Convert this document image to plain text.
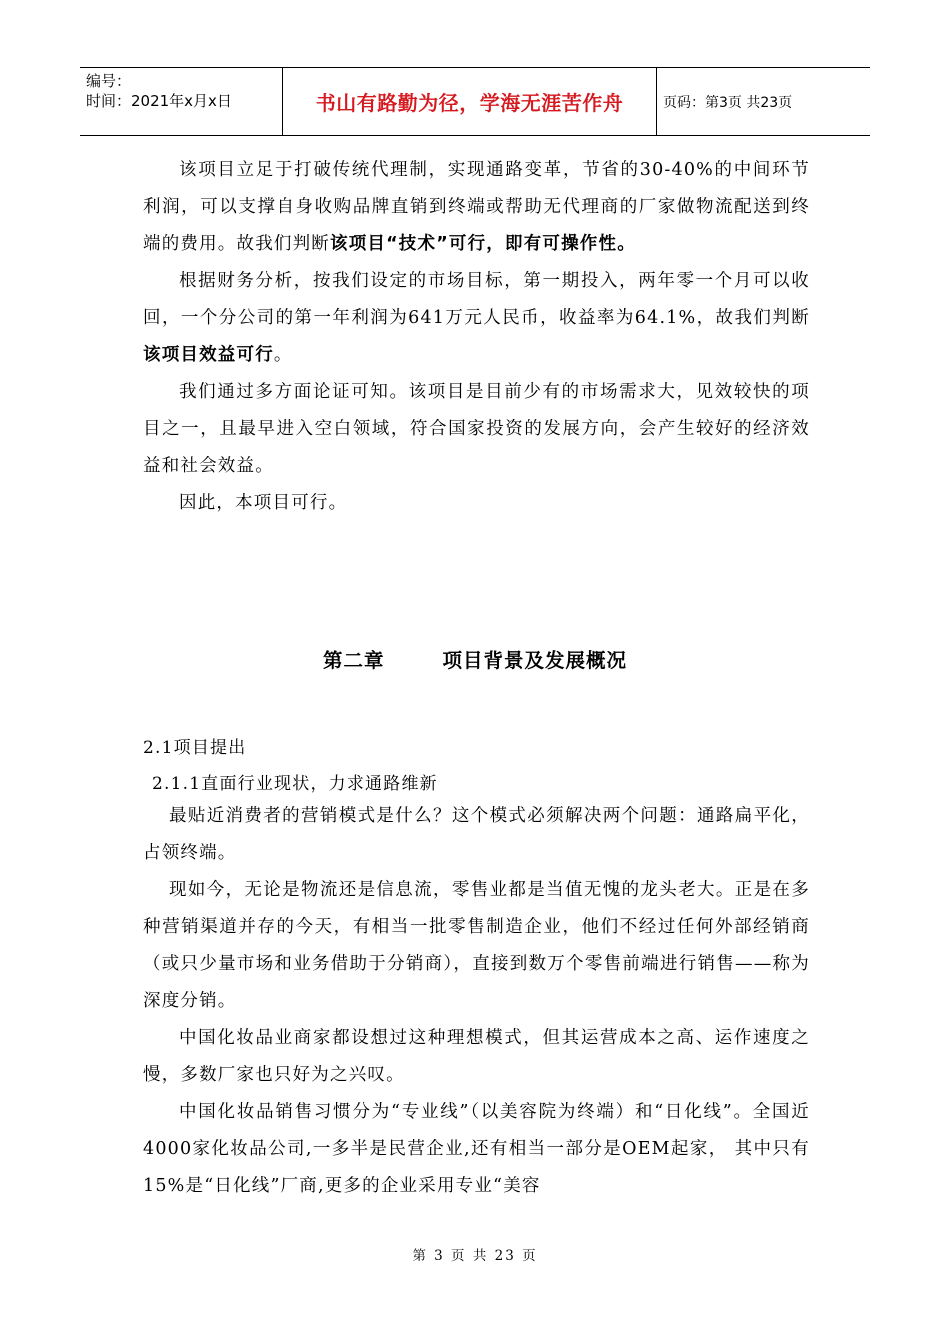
编号：
时间：2021年x月x日	书山有路勤为径，学海无涯苦作舟	页码：第3页 共23页

该项目立足于打破传统代理制，实现通路变革，节省的30-40%的中间环节利润，可以支撑自身收购品牌直销到终端或帮助无代理商的厂家做物流配送到终端的费用。故我们判断该项目“技术”可行，即有可操作性。

根据财务分析，按我们设定的市场目标，第一期投入，两年零一个月可以收回，一个分公司的第一年利润为641万元人民币，收益率为64.1%，故我们判断该项目效益可行。

我们通过多方面论证可知。该项目是目前少有的市场需求大，见效较快的项目之一，且最早进入空白领域，符合国家投资的发展方向，会产生较好的经济效益和社会效益。

因此，本项目可行。

第二章	项目背景及发展概况
2.1项目提出
2.1.1直面行业现状，力求通路维新

最贴近消费者的营销模式是什么？这个模式必须解决两个问题：通路扁平化，占领终端。

现如今，无论是物流还是信息流，零售业都是当值无愧的龙头老大。正是在多种营销渠道并存的今天，有相当一批零售制造企业，他们不经过任何外部经销商（或只少量市场和业务借助于分销商），直接到数万个零售前端进行销售——称为深度分销。

中国化妆品业商家都设想过这种理想模式，但其运营成本之高、运作速度之慢，多数厂家也只好为之兴叹。

中国化妆品销售习惯分为“专业线”（以美容院为终端）和“日化线”。全国近4000家化妆品公司,一多半是民营企业,还有相当一部分是OEM起家， 其中只有15%是“日化线”厂商,更多的企业采用专业“美容

第 3 页 共 23 页
